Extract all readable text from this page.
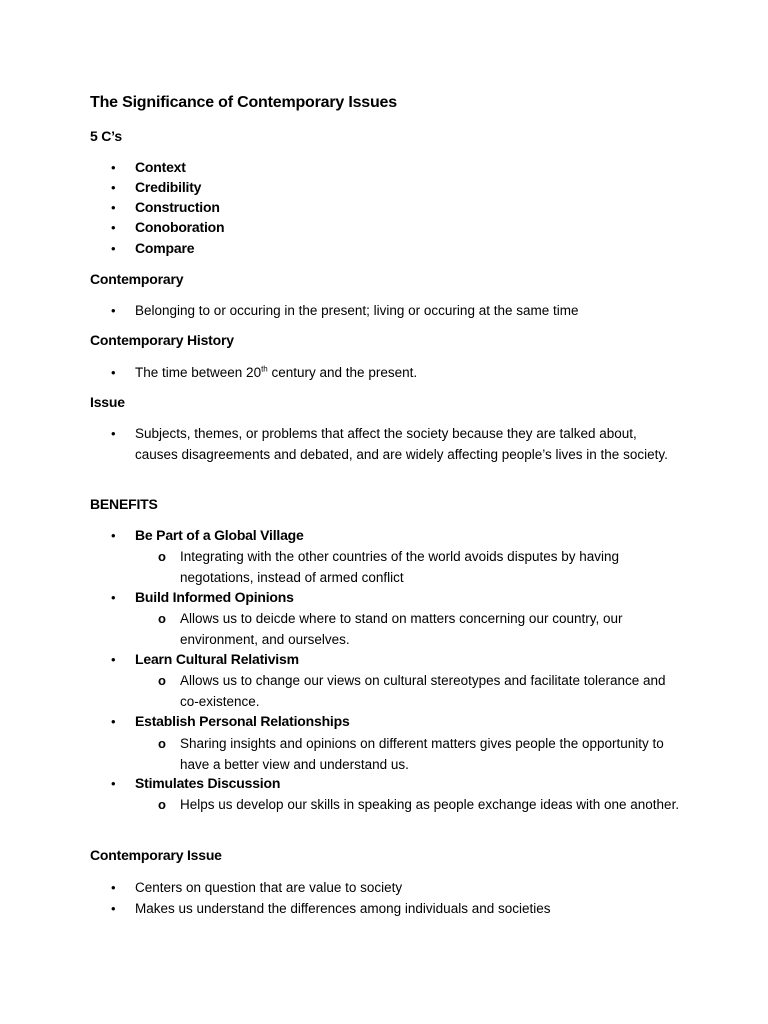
The Significance of Contemporary Issues
5 C’s
• Context
• Credibility
• Construction
• Conoboration
• Compare
Contemporary
• Belonging to or occuring in the present; living or occuring at the same time
Contemporary History
• The time between 20th century and the present.
Issue
• Subjects, themes, or problems that affect the society because they are talked about, causes disagreements and debated, and are widely affecting people’s lives in the society.
BENEFITS
• Be Part of a Global Village
o Integrating with the other countries of the world avoids disputes by having negotations, instead of armed conflict
• Build Informed Opinions
o Allows us to deicde where to stand on matters concerning our country, our environment, and ourselves.
• Learn Cultural Relativism
o Allows us to change our views on cultural stereotypes and facilitate tolerance and co-existence.
• Establish Personal Relationships
o Sharing insights and opinions on different matters gives people the opportunity to have a better view and understand us.
• Stimulates Discussion
o Helps us develop our skills in speaking as people exchange ideas with one another.
Contemporary Issue
• Centers on question that are value to society
• Makes us understand the differences among individuals and societies
